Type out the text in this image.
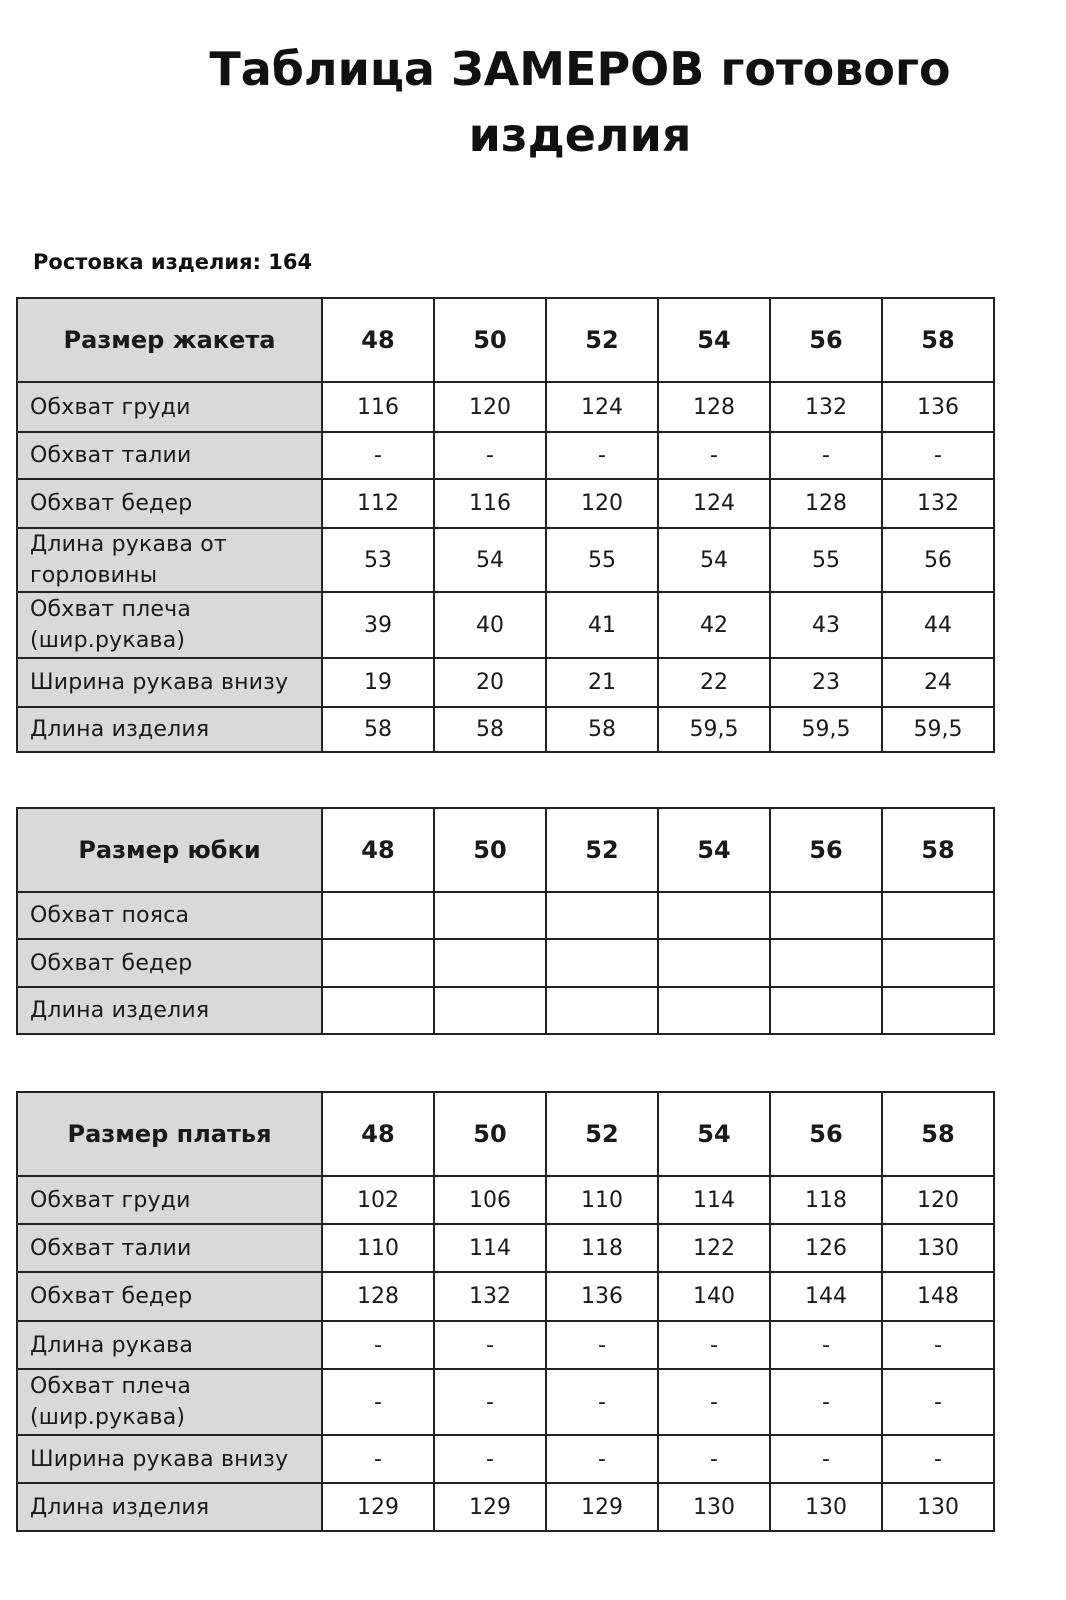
Таблица ЗАМЕРОВ готового изделия
Ростовка изделия: 164
Размер жакета	48	50	52	54	56	58
Обхват груди	116	120	124	128	132	136
Обхват талии	-	-	-	-	-	-
Обхват бедер	112	116	120	124	128	132
Длина рукава от горловины	53	54	55	54	55	56
Обхват плеча (шир.рукава)	39	40	41	42	43	44
Ширина рукава внизу	19	20	21	22	23	24
Длина изделия	58	58	58	59,5	59,5	59,5
Размер юбки	48	50	52	54	56	58
Обхват пояса						
Обхват бедер						
Длина изделия						
Размер платья	48	50	52	54	56	58
Обхват груди	102	106	110	114	118	120
Обхват талии	110	114	118	122	126	130
Обхват бедер	128	132	136	140	144	148
Длина рукава	-	-	-	-	-	-
Обхват плеча (шир.рукава)	-	-	-	-	-	-
Ширина рукава внизу	-	-	-	-	-	-
Длина изделия	129	129	129	130	130	130
